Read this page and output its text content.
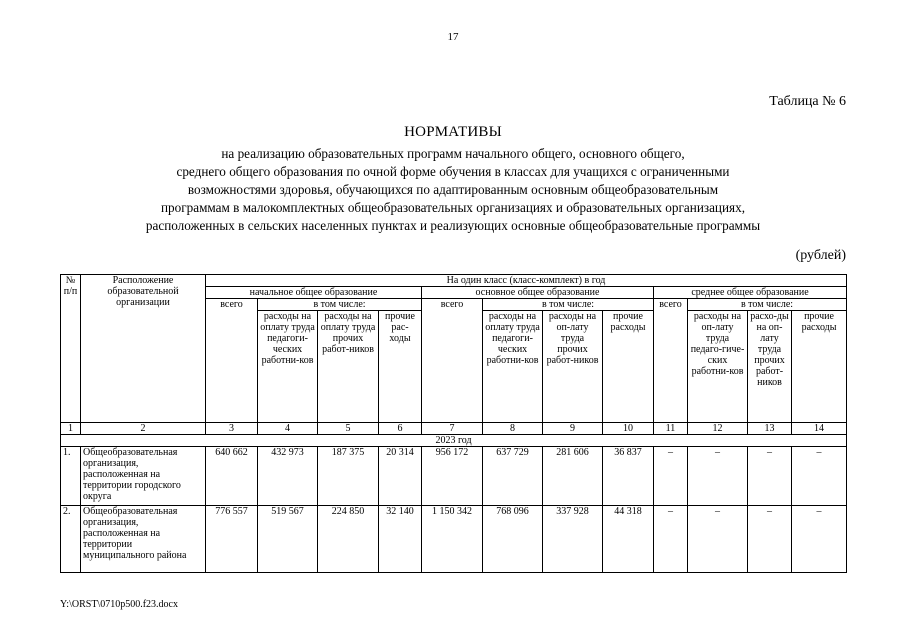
17
Таблица № 6
НОРМАТИВЫ
на реализацию образовательных программ начального общего, основного общего,
среднего общего образования по очной форме обучения в классах для учащихся с ограниченными
возможностями здоровья, обучающихся по адаптированным основным общеобразовательным
программам в малокомплектных общеобразовательных организациях и образовательных организациях,
расположенных в сельских населенных пунктах и реализующих основные общеобразовательные программы
(рублей)
№ п/п	Расположение образовательной организации	На один класс (класс-комплект) в год											
		начальное общее образование				основное общее образование				среднее общее образование			
		всего	в том числе:			всего	в том числе:			всего	в том числе:		
			расходы на оплату труда педагоги-ческих работни-ков	расходы на оплату труда прочих работ-ников	прочие рас-ходы		расходы на оплату труда педагоги-ческих работни-ков	расходы на оп-лату труда прочих работ-ников	прочие расходы		расходы на оп-лату труда педаго-гиче-ских работни-ков	расхо-ды на оп-лату труда прочих работ-ников	прочие расходы
1	2	3	4	5	6	7	8	9	10	11	12	13	14
2023 год													
1.	Общеобразовательная организация, расположенная на территории городского округа	640 662	432 973	187 375	20 314	956 172	637 729	281 606	36 837	–	–	–	–
2.	Общеобразовательная организация, расположенная на территории муниципального района	776 557	519 567	224 850	32 140	1 150 342	768 096	337 928	44 318	–	–	–	–
Y:\ORST\0710p500.f23.docx
